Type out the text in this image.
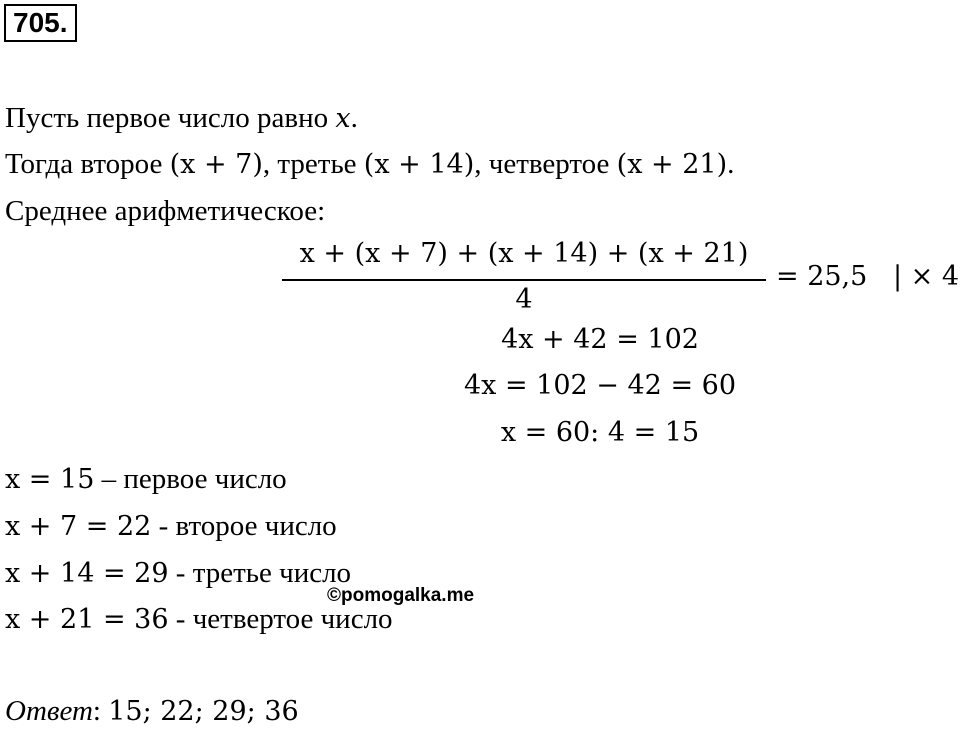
705.
Пусть первое число равно x.
Тогда второе (x + 7), третье (x + 14), четвертое (x + 21).
Среднее арифметическое:
x + (x + 7) + (x + 14) + (x + 21)
4
= 25,5 | × 4
4x + 42 = 102
4x = 102 − 42 = 60
x = 60: 4 = 15
x = 15 – первое число
x + 7 = 22 - второе число
x + 14 = 29 - третье число
©pomogalka.me
x + 21 = 36 - четвертое число
Ответ: 15; 22; 29; 36
